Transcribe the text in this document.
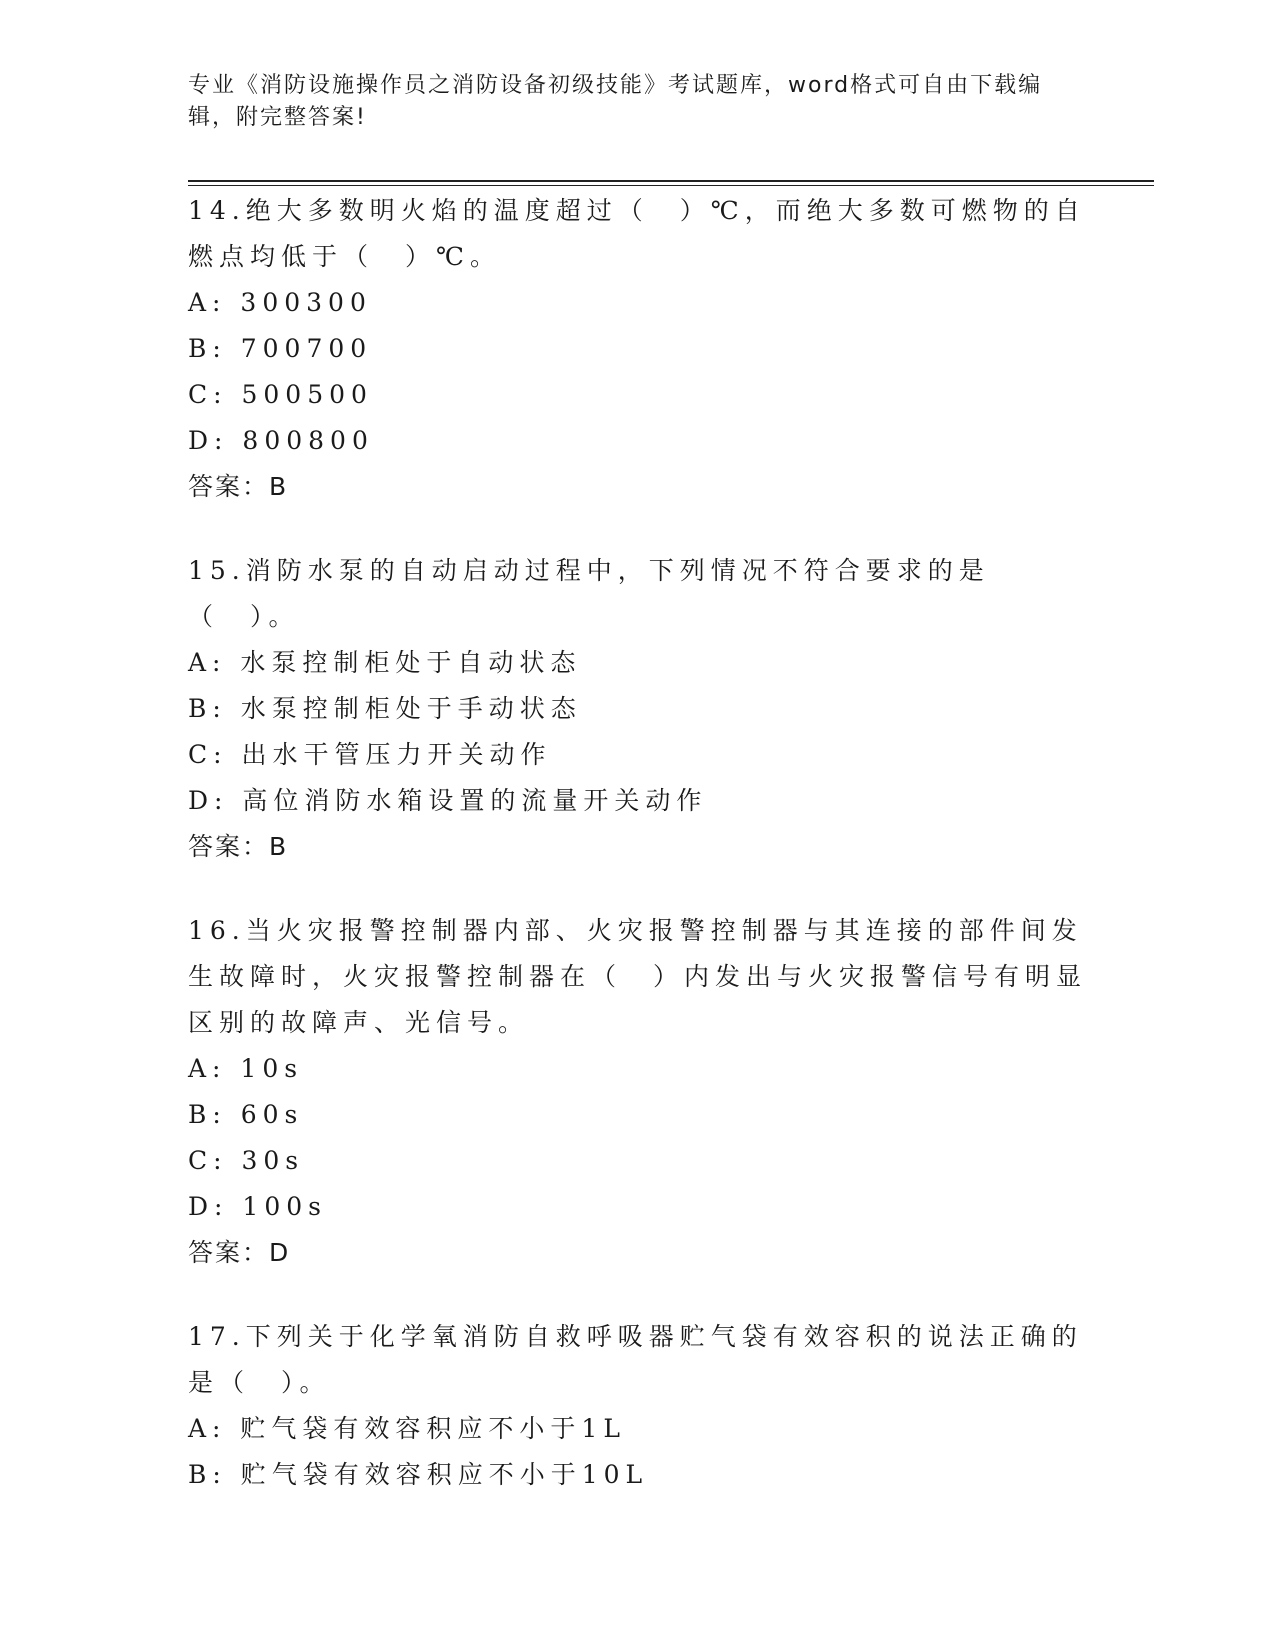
专业《消防设施操作员之消防设备初级技能》考试题库，word格式可自由下载编辑，附完整答案!
14.绝大多数明火焰的温度超过（　）℃，而绝大多数可燃物的自燃点均低于（　）℃。
A: 300300
B: 700700
C: 500500
D: 800800
答案：B
15.消防水泵的自动启动过程中，下列情况不符合要求的是（　）。
A: 水泵控制柜处于自动状态
B: 水泵控制柜处于手动状态
C: 出水干管压力开关动作
D: 高位消防水箱设置的流量开关动作
答案：B
16.当火灾报警控制器内部、火灾报警控制器与其连接的部件间发生故障时，火灾报警控制器在（　）内发出与火灾报警信号有明显区别的故障声、光信号。
A: 10s
B: 60s
C: 30s
D: 100s
答案：D
17.下列关于化学氧消防自救呼吸器贮气袋有效容积的说法正确的是（　）。
A: 贮气袋有效容积应不小于1L
B: 贮气袋有效容积应不小于10L
